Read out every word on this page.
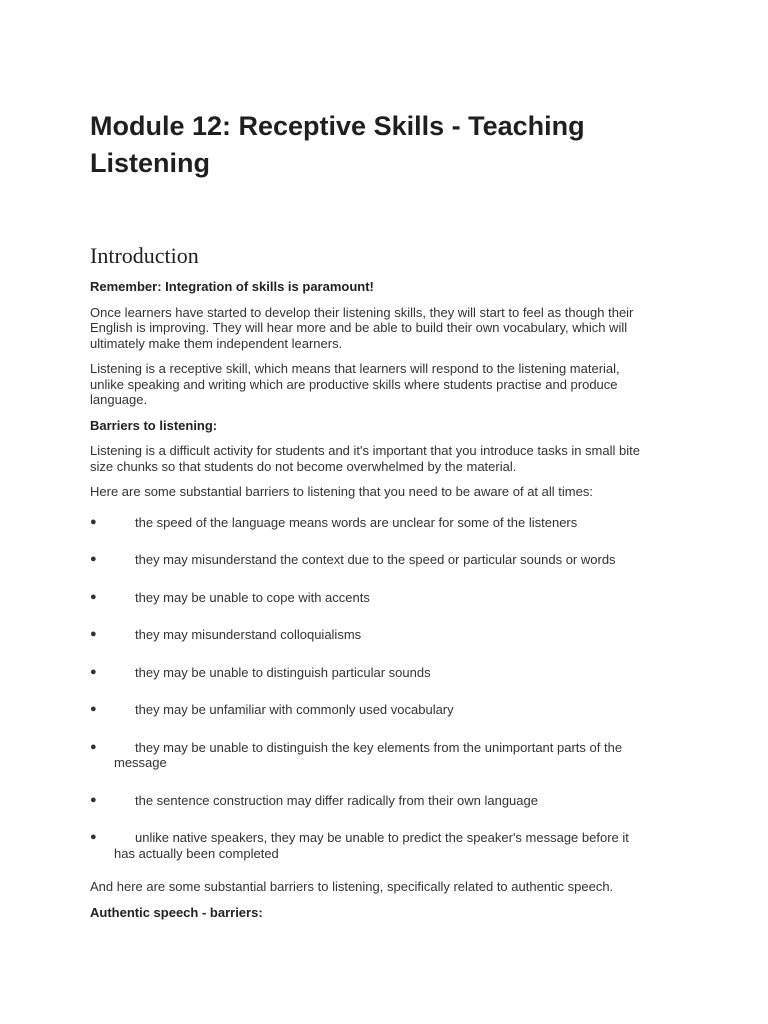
Module 12: Receptive Skills - Teaching Listening
Introduction

Remember: Integration of skills is paramount!

Once learners have started to develop their listening skills, they will start to feel as though their English is improving. They will hear more and be able to build their own vocabulary, which will ultimately make them independent learners.

Listening is a receptive skill, which means that learners will respond to the listening material, unlike speaking and writing which are productive skills where students practise and produce language.

Barriers to listening:

Listening is a difficult activity for students and it's important that you introduce tasks in small bite size chunks so that students do not become overwhelmed by the material.

Here are some substantial barriers to listening that you need to be aware of at all times:

●	the speed of the language means words are unclear for some of the listeners
●	they may misunderstand the context due to the speed or particular sounds or words
●	they may be unable to cope with accents
●	they may misunderstand colloquialisms
●	they may be unable to distinguish particular sounds
●	they may be unfamiliar with commonly used vocabulary
●	they may be unable to distinguish the key elements from the unimportant parts of the message
●	the sentence construction may differ radically from their own language
●	unlike native speakers, they may be unable to predict the speaker's message before it has actually been completed

And here are some substantial barriers to listening, specifically related to authentic speech.

Authentic speech - barriers:
